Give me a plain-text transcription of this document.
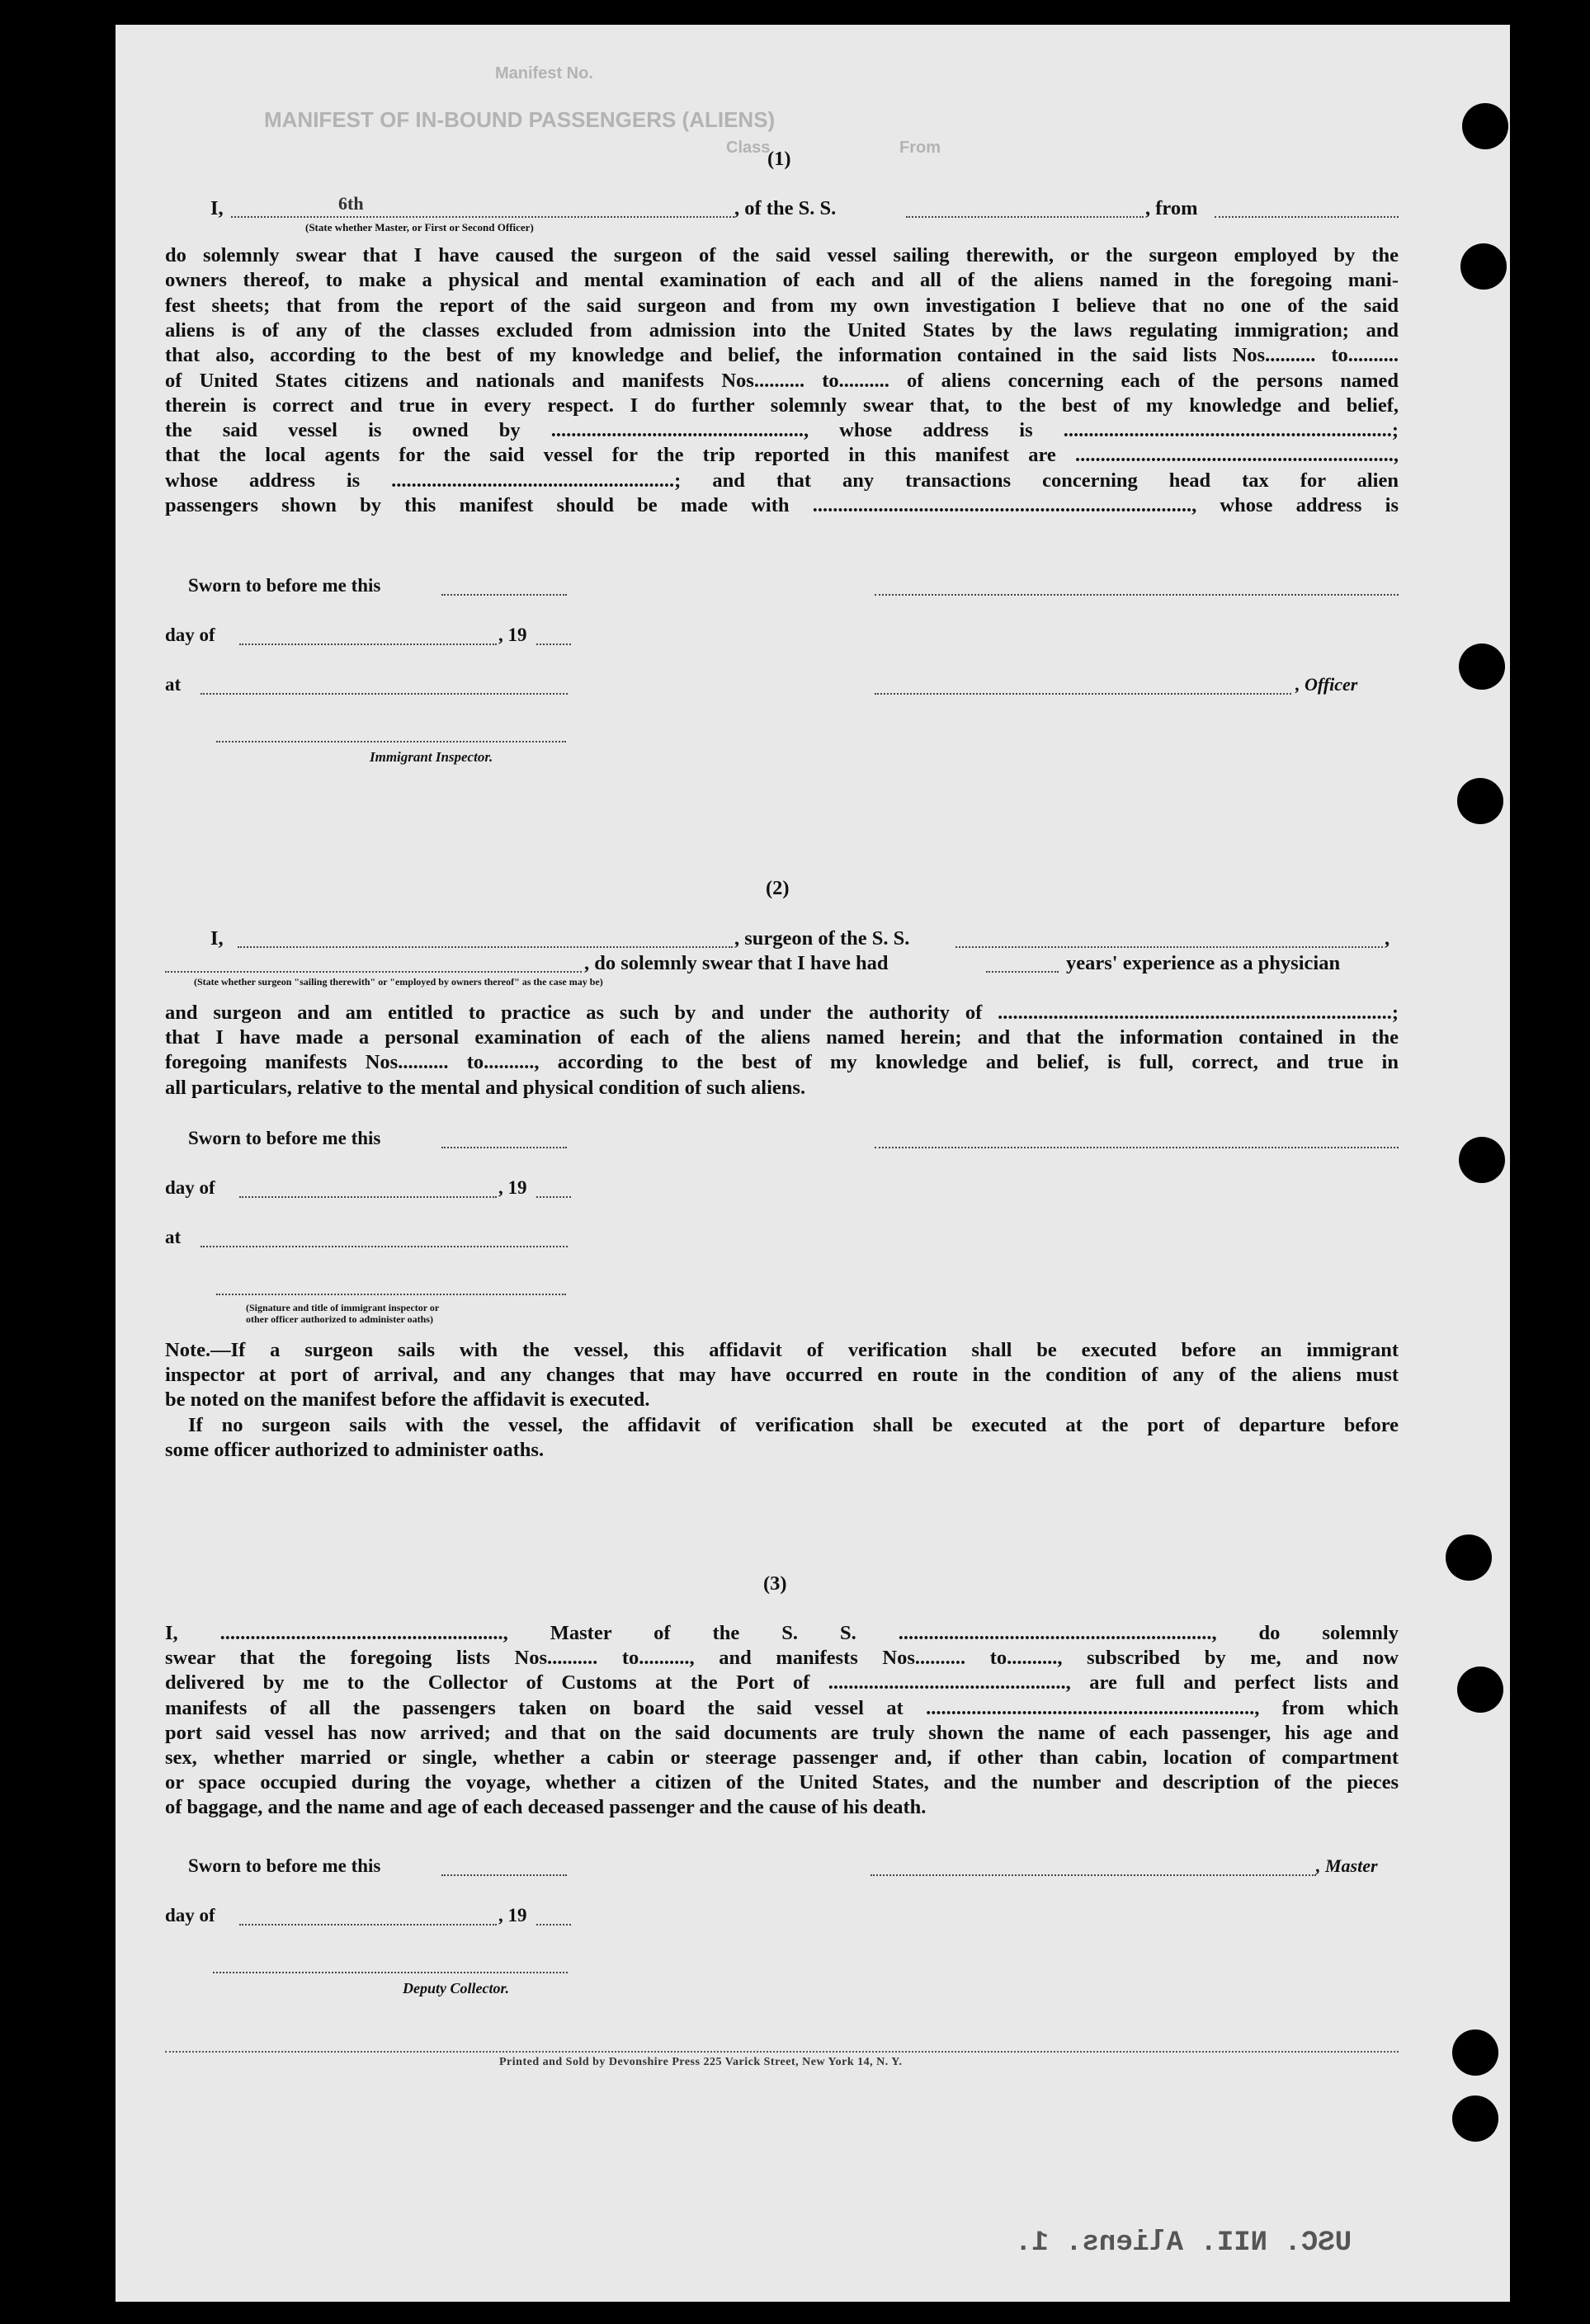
Manifest No.
MANIFEST OF IN-BOUND PASSENGERS (ALIENS)
Class	From
(1)
I,	6th	, of the S. S.	, from
(State whether Master, or First or Second Officer)
do solemnly swear that I have caused the surgeon of the said vessel sailing therewith, or the surgeon employed by the
owners thereof, to make a physical and mental examination of each and all of the aliens named in the foregoing mani-
fest sheets; that from the report of the said surgeon and from my own investigation I believe that no one of the said
aliens is of any of the classes excluded from admission into the United States by the laws regulating immigration; and
that also, according to the best of my knowledge and belief, the information contained in the said lists Nos.......... to..........
of United States citizens and nationals and manifests Nos.......... to.......... of aliens concerning each of the persons named
therein is correct and true in every respect. I do further solemnly swear that, to the best of my knowledge and belief,
the said vessel is owned by .................................................., whose address is .................................................................;
that the local agents for the said vessel for the trip reported in this manifest are ...............................................................,
whose address is ........................................................; and that any transactions concerning head tax for alien
passengers shown by this manifest should be made with ..........................................................................., whose address is
Sworn to before me this
day of	, 19
at	, Officer
Immigrant Inspector.
(2)
I,	, surgeon of the S. S.	,
, do solemnly swear that I have had	years' experience as a physician
(State whether surgeon "sailing therewith" or "employed by owners thereof" as the case may be)
and surgeon and am entitled to practice as such by and under the authority of ..............................................................................;
that I have made a personal examination of each of the aliens named herein; and that the information contained in the
foregoing manifests Nos.......... to.........., according to the best of my knowledge and belief, is full, correct, and true in
all particulars, relative to the mental and physical condition of such aliens.
Sworn to before me this
day of	, 19
at
(Signature and title of immigrant inspector or
other officer authorized to administer oaths)
Note.—If a surgeon sails with the vessel, this affidavit of verification shall be executed before an immigrant
inspector at port of arrival, and any changes that may have occurred en route in the condition of any of the aliens must
be noted on the manifest before the affidavit is executed.
If no surgeon sails with the vessel, the affidavit of verification shall be executed at the port of departure before
some officer authorized to administer oaths.
(3)
I, ........................................................, Master of the S. S. .............................................................., do solemnly
swear that the foregoing lists Nos.......... to.........., and manifests Nos.......... to.........., subscribed by me, and now
delivered by me to the Collector of Customs at the Port of ..............................................., are full and perfect lists and
manifests of all the passengers taken on board the said vessel at ................................................................., from which
port said vessel has now arrived; and that on the said documents are truly shown the name of each passenger, his age and
sex, whether married or single, whether a cabin or steerage passenger and, if other than cabin, location of compartment
or space occupied during the voyage, whether a citizen of the United States, and the number and description of the pieces
of baggage, and the name and age of each deceased passenger and the cause of his death.
Sworn to before me this	, Master
day of	, 19
Deputy Collector.
Printed and Sold by Devonshire Press 225 Varick Street, New York 14, N. Y.
USC. NII. Aliens. 1.
